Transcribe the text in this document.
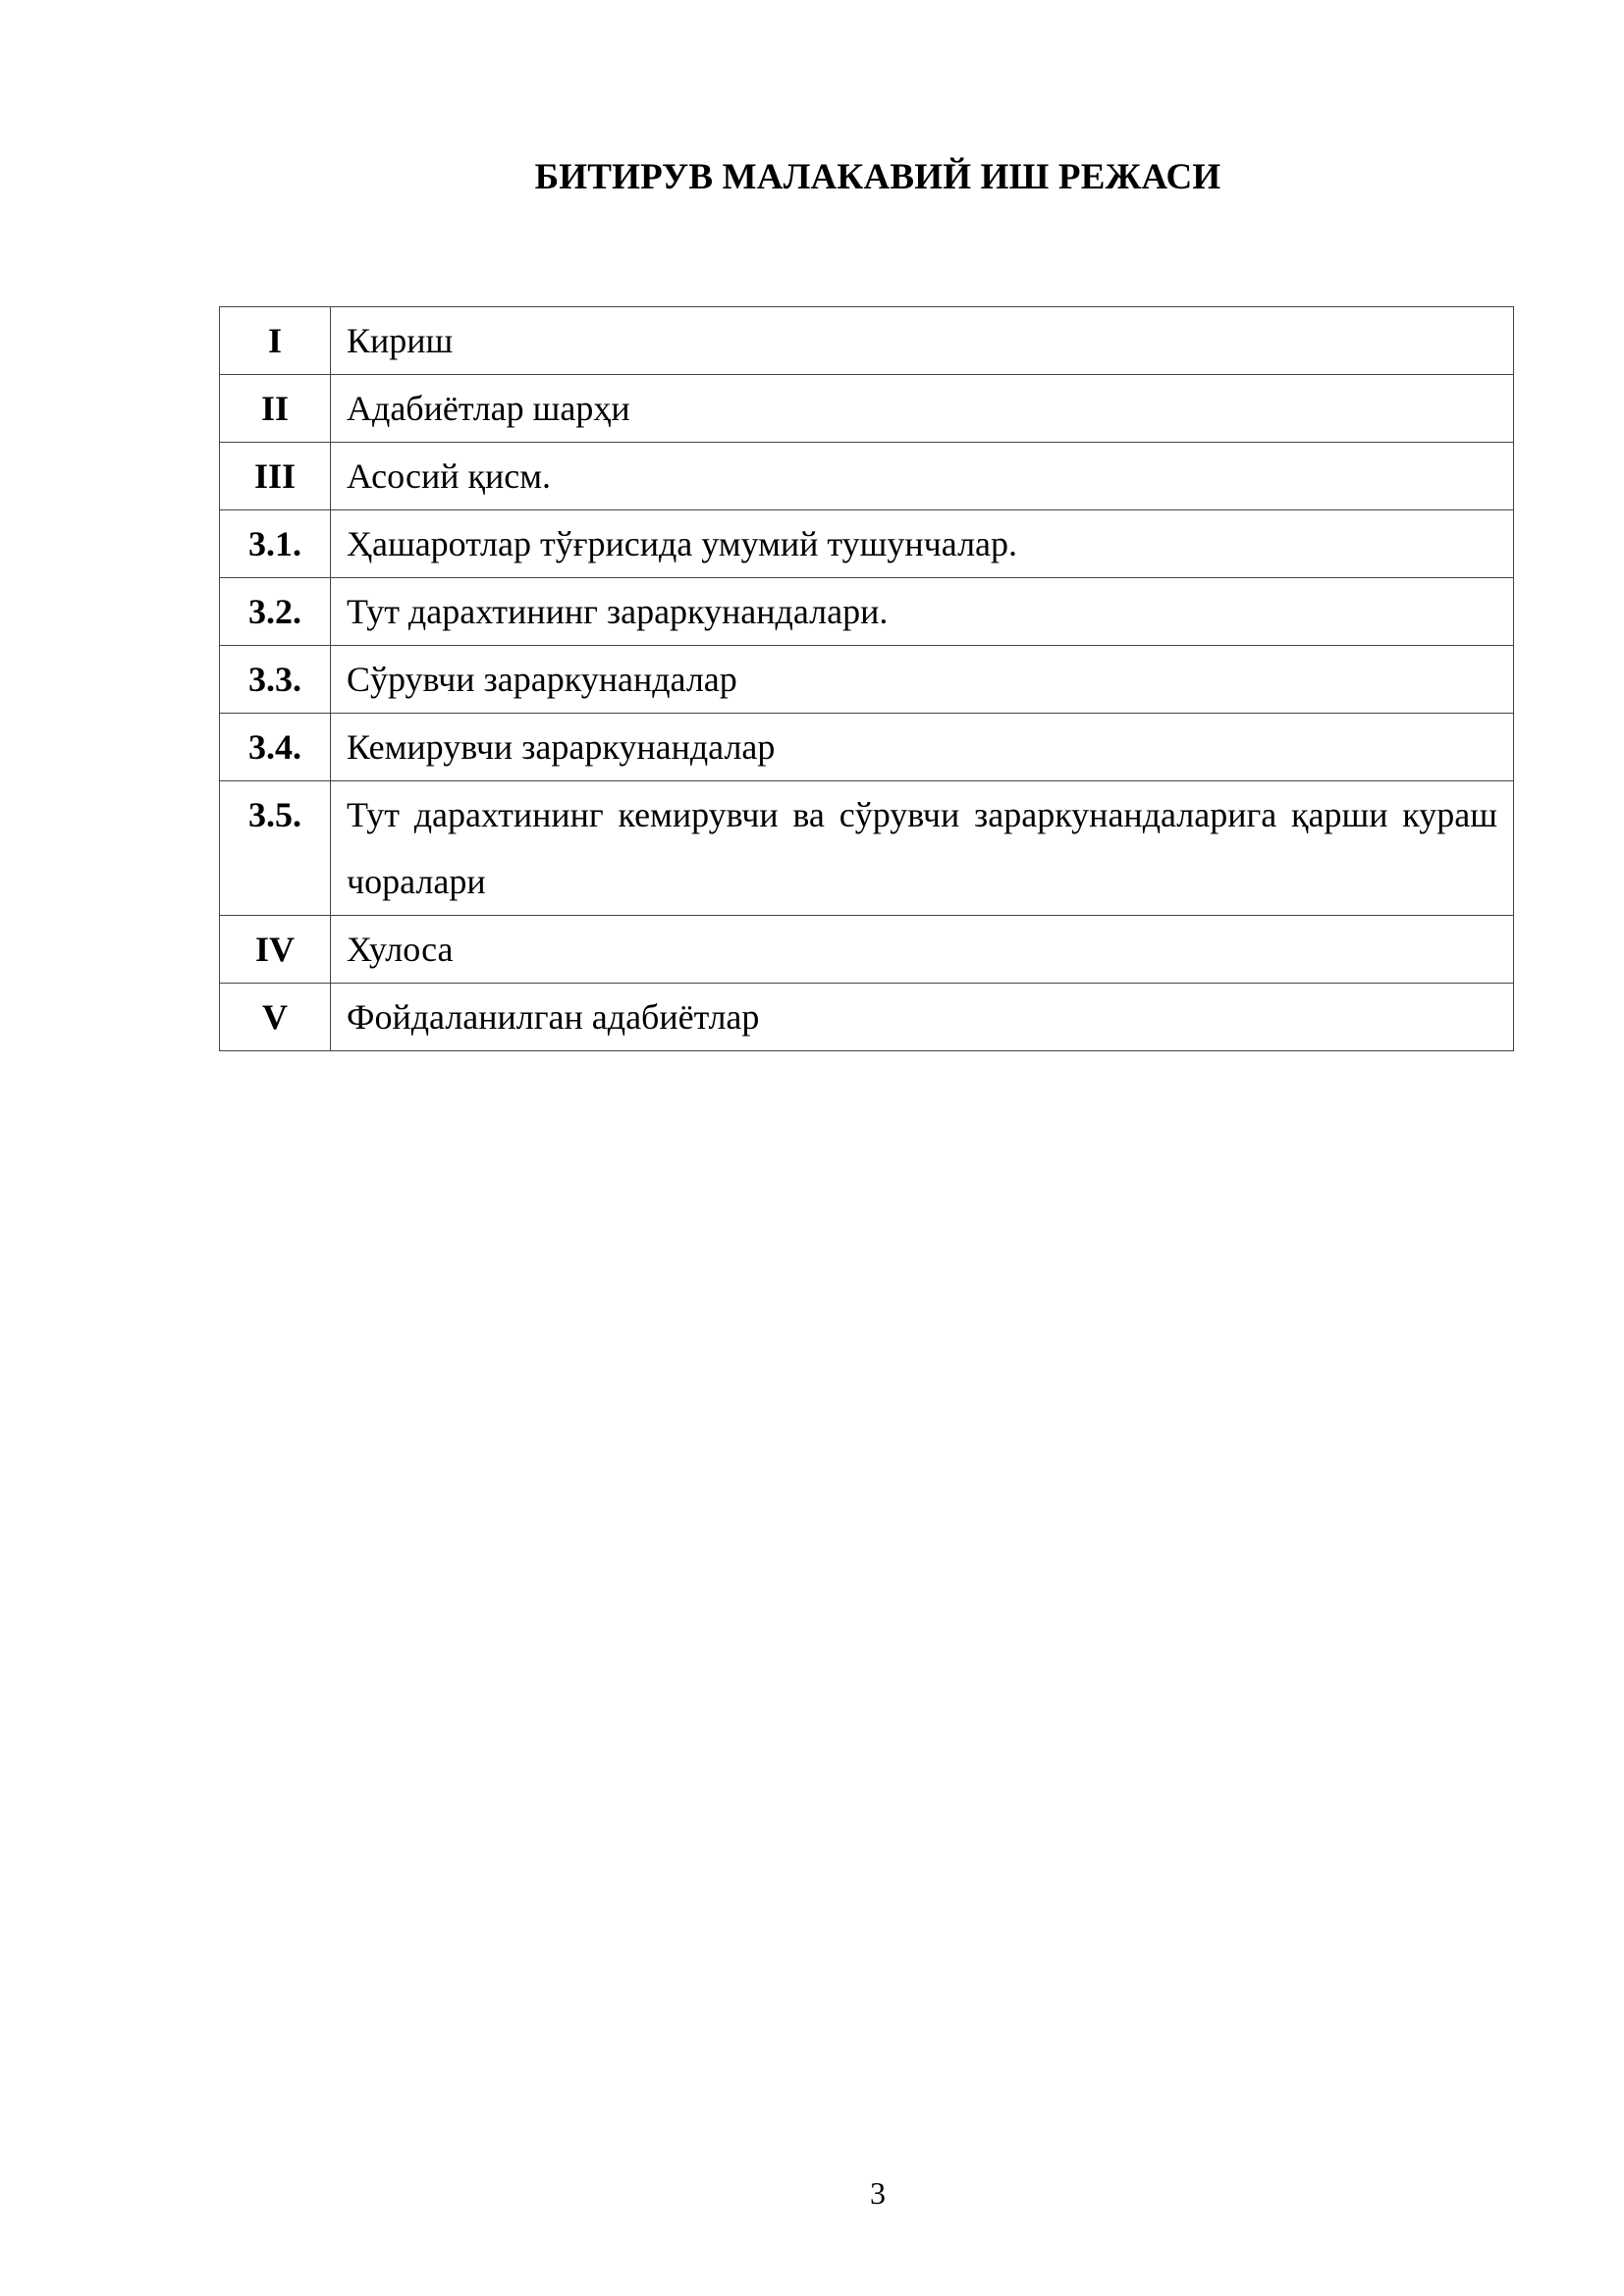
БИТИРУВ МАЛАКАВИЙ ИШ РЕЖАСИ
I	Кириш
II	Адабиётлар шарҳи
III	Асосий қисм.
3.1.	Ҳашаротлар тўғрисида умумий тушунчалар.
3.2.	Тут дарахтининг зараркунандалари.
3.3.	Сўрувчи зараркунандалар
3.4.	Кемирувчи зараркунандалар
3.5.	Тут дарахтининг кемирувчи ва сўрувчи зараркунандаларига қарши кураш чоралари
IV	Хулоса
V	Фойдаланилган адабиётлар
3
